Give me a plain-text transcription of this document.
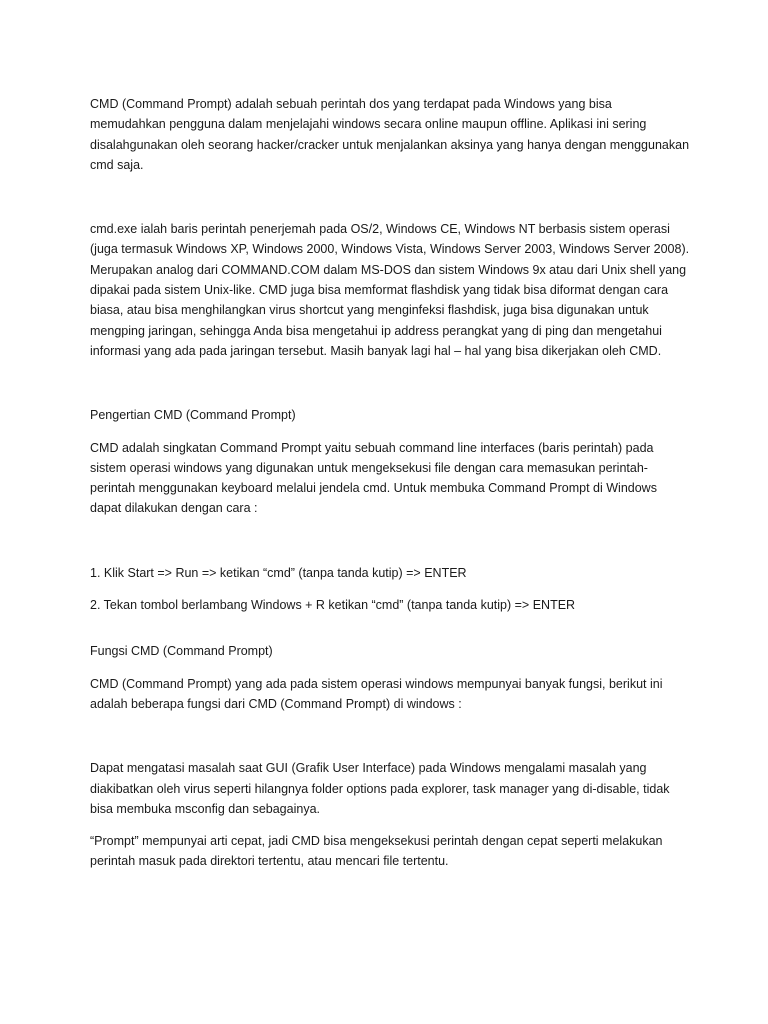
CMD (Command Prompt) adalah sebuah perintah dos yang terdapat pada Windows yang bisa memudahkan pengguna dalam menjelajahi windows secara online maupun offline. Aplikasi ini sering disalahgunakan oleh seorang hacker/cracker untuk menjalankan aksinya yang hanya dengan menggunakan cmd saja.

cmd.exe ialah baris perintah penerjemah pada OS/2, Windows CE, Windows NT berbasis sistem operasi (juga termasuk Windows XP, Windows 2000, Windows Vista, Windows Server 2003, Windows Server 2008). Merupakan analog dari COMMAND.COM dalam MS-DOS dan sistem Windows 9x atau dari Unix shell yang dipakai pada sistem Unix-like. CMD juga bisa memformat flashdisk yang tidak bisa diformat dengan cara biasa, atau bisa menghilangkan virus shortcut yang menginfeksi flashdisk, juga bisa digunakan untuk mengping jaringan, sehingga Anda bisa mengetahui ip address perangkat yang di ping dan mengetahui informasi yang ada pada jaringan tersebut. Masih banyak lagi hal – hal yang bisa dikerjakan oleh CMD.

Pengertian CMD (Command Prompt)

CMD adalah singkatan Command Prompt yaitu sebuah command line interfaces (baris perintah) pada sistem operasi windows yang digunakan untuk mengeksekusi file dengan cara memasukan perintah-perintah menggunakan keyboard melalui jendela cmd. Untuk membuka Command Prompt di Windows dapat dilakukan dengan cara :

1. Klik Start => Run => ketikan “cmd” (tanpa tanda kutip) => ENTER

2. Tekan tombol berlambang Windows + R ketikan “cmd” (tanpa tanda kutip) => ENTER

Fungsi CMD (Command Prompt)

CMD (Command Prompt) yang ada pada sistem operasi windows mempunyai banyak fungsi, berikut ini adalah beberapa fungsi dari CMD (Command Prompt) di windows :

Dapat mengatasi masalah saat GUI (Grafik User Interface) pada Windows mengalami masalah yang diakibatkan oleh virus seperti hilangnya folder options pada explorer, task manager yang di-disable, tidak bisa membuka msconfig dan sebagainya.

“Prompt” mempunyai arti cepat, jadi CMD bisa mengeksekusi perintah dengan cepat seperti melakukan perintah masuk pada direktori tertentu, atau mencari file tertentu.
